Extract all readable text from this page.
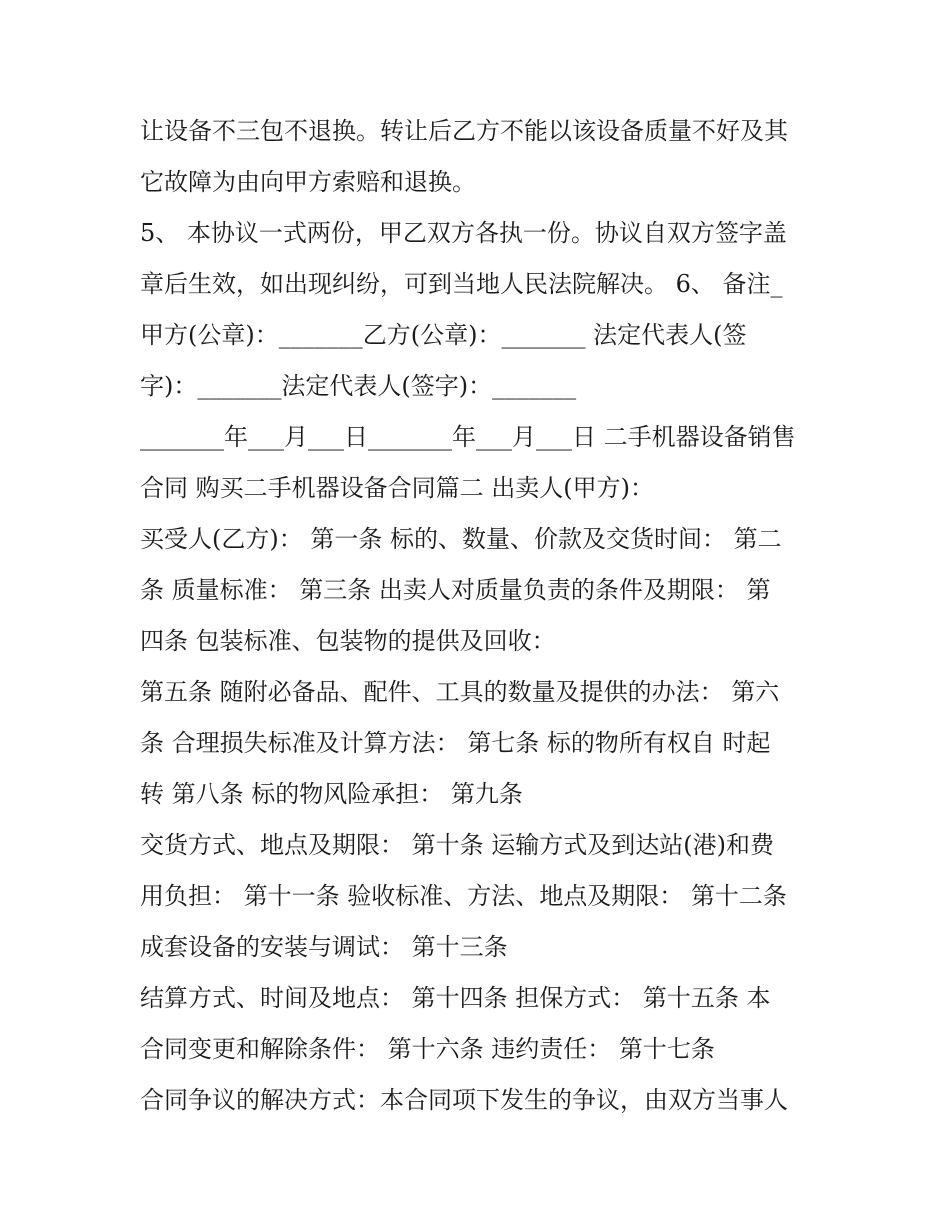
让设备不三包不退换。转让后乙方不能以该设备质量不好及其
它故障为由向甲方索赔和退换。
5、 本协议一式两份，甲乙双方各执一份。协议自双方签字盖
章后生效，如出现纠纷，可到当地人民法院解决。 6、 备注_
甲方(公章)：_______乙方(公章)：_______ 法定代表人(签
字)：_______法定代表人(签字)：_______
_______年___月___日_______年___月___日 二手机器设备销售
合同 购买二手机器设备合同篇二 出卖人(甲方)：
买受人(乙方)： 第一条 标的、数量、价款及交货时间： 第二
条 质量标准： 第三条 出卖人对质量负责的条件及期限： 第
四条 包装标准、包装物的提供及回收：
第五条 随附必备品、配件、工具的数量及提供的办法： 第六
条 合理损失标准及计算方法： 第七条 标的物所有权自 时起
转 第八条 标的物风险承担： 第九条
交货方式、地点及期限： 第十条 运输方式及到达站(港)和费
用负担： 第十一条 验收标准、方法、地点及期限： 第十二条
成套设备的安装与调试： 第十三条
结算方式、时间及地点： 第十四条 担保方式： 第十五条 本
合同变更和解除条件： 第十六条 违约责任： 第十七条
合同争议的解决方式：本合同项下发生的争议，由双方当事人
